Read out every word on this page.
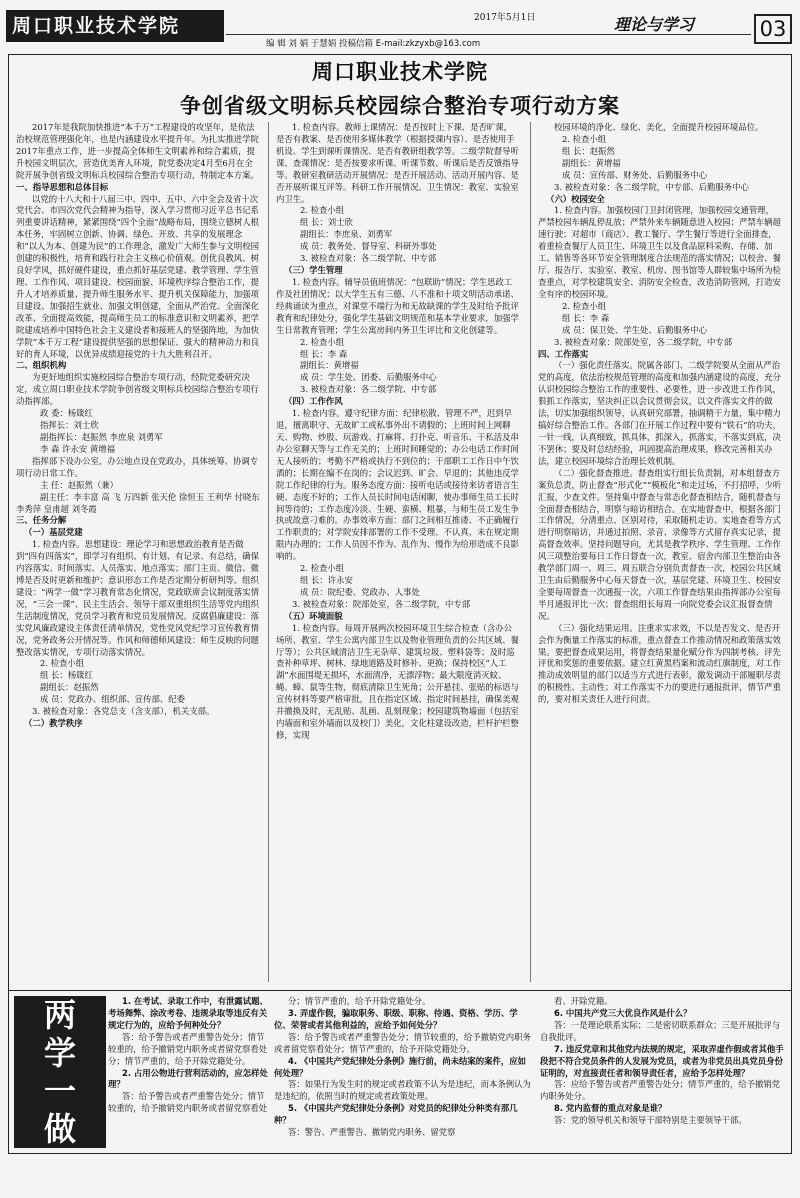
周口职业技术学院	2017年5月1日	理论与学习
编 辑 刘 娟 于慧娟 投稿信箱 E-mail:zkzyxb@163.com
03
周口职业技术学院
争创省级文明标兵校园综合整治专项行动方案

2017年是我院加快推进“本千万”工程建设的攻坚年，是依法治校规范管理强化年，也是内涵建设水平提升年。为扎实推进学院2017年重点工作，进一步提高全体师生文明素养和综合素质，提升校园文明层次，营造优美育人环境，院党委决定4月至6月在全院开展争创省级文明标兵校园综合整治专项行动，特制定本方案。

一、指导思想和总体目标

以党的十八大和十八届三中、四中、五中、六中全会及省十次党代会、市四次党代会精神为指导，深入学习贯彻习近平总书记系列重要讲话精神，紧紧围绕“四个全面”战略布局，围绕立德树人根本任务，牢固树立创新、协调、绿色、开放、共享的发展理念和“以人为本、创建为民”的工作理念，激发广大师生参与文明校园创建的积极性，培育和践行社会主义核心价值观。创优良教风、树良好学风，抓好硬件建设，重点抓好基层党建、教学管理、学生管理、工作作风、项目建设、校园面貌、环境秩序综合整治工作，提升人才培养质量、提升师生服务水平、提升机关保障能力，加强项目建设、加强招生就业、加强文明创建，全面从严治党、全面深化改革、全面提高效能，提高师生员工的标准意识和文明素养，把学院建成培养中国特色社会主义建设者和接班人的坚强阵地，为加快学院“本千万工程”建设提供坚强的思想保证、强大的精神动力和良好的育人环境，以优异成绩迎接党的十九大胜利召开。

二、组织机构

为更好地组织实施校园综合整治专项行动，经院党委研究决定，成立周口职业技术学院争创省级文明标兵校园综合整治专项行动指挥部。

政 委：杨箴红

指挥长：刘士欣

副指挥长：赵振然 李庶泉 刘勇军

李 森 许永安 黄增福

指挥部下设办公室，办公地点设在党政办，具体统筹、协调专项行动日常工作。

主 任：赵振然（兼）

副主任：李丰富 高 飞 万四新 张天伦 徐恒玉 王利华 付晓东 李秀萍 皇甫超 刘冬霞

三、任务分解

（一）基层党建

1. 检查内容。思想建设：理论学习和思想政治教育是否做到“四有四落实”，即学习有组织、有计划、有记录、有总结，确保内容落实、时间落实、人员落实、地点落实；部门主页、微信、微博是否及时更新和维护；意识形态工作是否定期分析研判等。组织建设：“两学一做”学习教育常态化情况，党政联席会议制度落实情况，“三会一课”、民主生活会、领导干部双重组织生活等党内组织生活制度情况，党员学习教育和党员发展情况。反腐倡廉建设：落实党风廉政建设主体责任清单情况，党性党风党纪学习宣传教育情况，党务政务公开情况等。作风和师德师风建设：师生反映的问题整改落实情况，专项行动落实情况。

2. 检查小组

组 长：杨箴红

副组长：赵振然

成 员：党政办、组织部、宣传部、纪委

3. 被检查对象：各党总支（含支部），机关支部。

（二）教学秩序

1. 检查内容。教师上课情况：是否按时上下课、是否旷课，是否有教案、是否使用多媒体教学（根据授课内容）、是否使用手机设、学生到课听课情况、是否有教研组教学等。二级学院督导听课、查课情况：是否按要求听课、听课节数、听课后是否反馈指导等。教研室教研活动开展情况：是否开展活动、活动开展内容、是否开展听课互评等。科研工作开展情况。卫生情况：教室、实验室内卫生。

2. 检查小组

组 长：刘士欣

副组长：李庶泉、刘勇军

成 员：教务处、督导室、科研外事处

3. 被检查对象：各二级学院、中专部

（三）学生管理

1. 检查内容。辅导员值班情况：“包联助”情况；学生思政工作及社团情况；以大学生五有三德、八不准和十项文明活动承诺、经典诵读为重点，对课堂不端行为和无故缺课的学生及时给予批评教育和纪律处分，强化学生基础文明规范和基本学业要求，加强学生日常教育管理；学生公寓房间内务卫生评比和文化创建等。

2. 检查小组

组 长：李 森

副组长：黄增福

成 员：学生处、团委、后勤服务中心

3. 被检查对象：各二级学院、中专部

（四）工作作风

1. 检查内容。遵守纪律方面：纪律松散、管理不严，迟到早退，擅离职守、无故旷工或私事外出不请假的；上班时间上网聊天、购物、炒股、玩游戏、打麻将、打扑克、听音乐、干私活及串办公室聊天等与工作无关的；上班时间睡觉的；办公电话工作时间无人接听的；考勤不严格或执行不到位的；干部职工工作日中午饮酒的；长期在编不在岗的；会议迟到、旷会、早退的；其他违反学院工作纪律的行为。服务态度方面：接听电话或接待来访者语言生硬、态度不好的；工作人员长时间电话闲聊，使办事师生员工长时间等待的；工作态度冷淡、生硬、蛮横、粗暴，与师生员工发生争执或故意刁难的。办事效率方面：部门之间相互推诿、不正确履行工作职责的；对学院安排部署的工作不受理、不认真、未在规定期限内办理的；工作人员因不作为、乱作为、慢作为给形造成不良影响的。

2. 检查小组

组 长：许永安

成 员：院纪委、党政办、人事处

3. 被检查对象：院部处室，各二级学院，中专部

（五）环境面貌

1. 检查内容。每周开展两次校园环境卫生综合检查（含办公场所、教室、学生公寓内部卫生以及物业管理负责的公共区域、餐厅等）；公共区域清洁卫生无杂草、建筑垃圾、塑料袋等；及时巡查补种草坪、树林、绿地道路及时修补、更换；保持校区“人工湖”水面围堤无损坏，水面清净，无漂浮物；最大限度消灭蚊、蝇、蟑、鼠等生物，彻底清除卫生死角；公开悬挂、张贴的标语与宣传材料等要严格审批，且在指定区域、指定时间悬挂，确保美观并撤换及时，无乱贴、乱画、乱刻现象；校园建筑物墙面（包括室内墙面和室外墙面以及校门）美化，文化柱建设改造，栏杆护栏整修，实现

校园环境的净化、绿化、美化，全面提升校园环境品位。

2. 检查小组

组 长：赵振然

副组长：黄增福

成 员：宣传部、财务处、后勤服务中心

3. 被检查对象：各二级学院，中专部、后勤服务中心

（六）校园安全

1. 检查内容。加强校园门卫封闭管理，加强校园交通管理，严禁校园车辆乱停乱放；严禁外来车辆随意进入校园；严禁车辆超速行驶；对超市（商店）、教工餐厅、学生餐厅等进行全面排查，着重检查餐厅人员卫生、环境卫生以及食品原料采购、存储、加工、销售等各环节安全管理制度合法规范的落实情况；以校舍、餐厅、报告厅、实验室、教室、机房、图书馆等人群较集中场所为检查重点，对学校建筑安全、消防安全检查，改造消防管网，打造安全有序的校园环境。

2. 检查小组

组 长：李 森

成 员：保卫处、学生处、后勤服务中心

3. 被检查对象：院部处室，各二级学院，中专部

四、工作落实

（一）强化责任落实。院属各部门、二级学院要从全面从严治党的高度，依法治校规范管理的高度和加强内涵建设的高度，充分认识校园综合整治工作的重要性、必要性，进一步改进工作作风，狠抓工作落实，坚决纠正以会议贯彻会议，以文件落实文件的做法，切实加强组织领导，认真研究部署，抽调精干力量，集中精力搞好综合整治工作。各部门在开展工作过程中要有“铁石”的功夫，一针一线，认真细致，抓具体，抓深入，抓落实，不落实到底，决不罢休；要及时总结经验，巩固提高治理成果，修改完善相关办法，建立校园环境综合治理长效机制。

（二）强化督查推进。督查组实行组长负责制，对本组督查方案负总责，防止督查“形式化”“模板化”和走过场，不打招呼，少听汇报，少查文件。坚持集中督查与常态化督查相结合，随机督查与全面督查相结合，明察与暗访相结合。在实地督查中，根据各部门工作情况，分清重点、区别对待，采取随机走访、实地查看等方式进行明察暗访，并通过拍照、录音、录像等方式留存真实记录，提高督查效率。坚持问题导向，尤其是教学秩序、学生管理、工作作风三项整治要每日工作日督查一次，教室、宿舍内部卫生整治由各教学部门周一、周三、周五联合分别负责督查一次，校园公共区域卫生由后勤服务中心每天督查一次，基层党建、环境卫生、校园安全要每周督查一次通报一次，六项工作督查结果由指挥部办公室每半月通报评比一次；督查组组长每周一向院党委会议汇报督查情况。

（三）强化结果运用。注重求实求效，不以是否发文、是否开会作为衡量工作落实的标准，重点督查工作推动情况和政策落实效果。要把督查成果运用，将督查结果量化赋分作为四制考核、评先评优和奖惩的重要依据。建立红黄黑档案和流动红旗制度，对工作推动成效明显的部门以适当方式进行表彰，激发调动干部履职尽责的积极性、主动性；对工作落实不力的要进行通报批评，情节严重的，要对相关责任人进行问责。

两
学
一
做

1. 在考试、录取工作中，有泄露试题、考场舞弊、涂改考卷、违规录取等违反有关规定行为的，应给予何种处分？

答：给予警告或者严重警告处分；情节较重的，给予撤销党内职务或者留党察看处分；情节严重的，给予开除党籍处分。

2. 占用公物进行营利活动的，应怎样处理？

答：给予警告或者严重警告处分；情节较重的，给予撤销党内职务或者留党察看处

分；情节严重的，给予开除党籍处分。

3. 弄虚作假，骗取职务、职级、职称、待遇、资格、学历、学位、荣誉或者其他利益的，应给予如何处分？

答：给予警告或者严重警告处分；情节较重的，给予撤销党内职务或者留党察看处分；情节严重的，给予开除党籍处分。

4. 《中国共产党纪律处分条例》施行前，尚未结案的案件，应如何处理？

答：如果行为发生时的规定或者政策不认为是违纪，而本条例认为是违纪的，依照当时的规定或者政策处理。

5. 《中国共产党纪律处分条例》对党员的纪律处分种类有那几种？

答：警告、严重警告、撤销党内职务、留党察

看、开除党籍。

6. 中国共产党三大优良作风是什么？

答：一是理论联系实际；二是密切联系群众；三是开展批评与自我批评。

7. 违反党章和其他党内法规的规定，采取弄虚作假或者其他手段把不符合党员条件的人发展为党员，或者为非党员出具党员身份证明的，对直接责任者和领导责任者，应给予怎样处理？

答：应给予警告或者严重警告处分；情节严重的，给予撤销党内职务处分。

8. 党内监督的重点对象是谁？

答：党的领导机关和领导干部特别是主要领导干部。
